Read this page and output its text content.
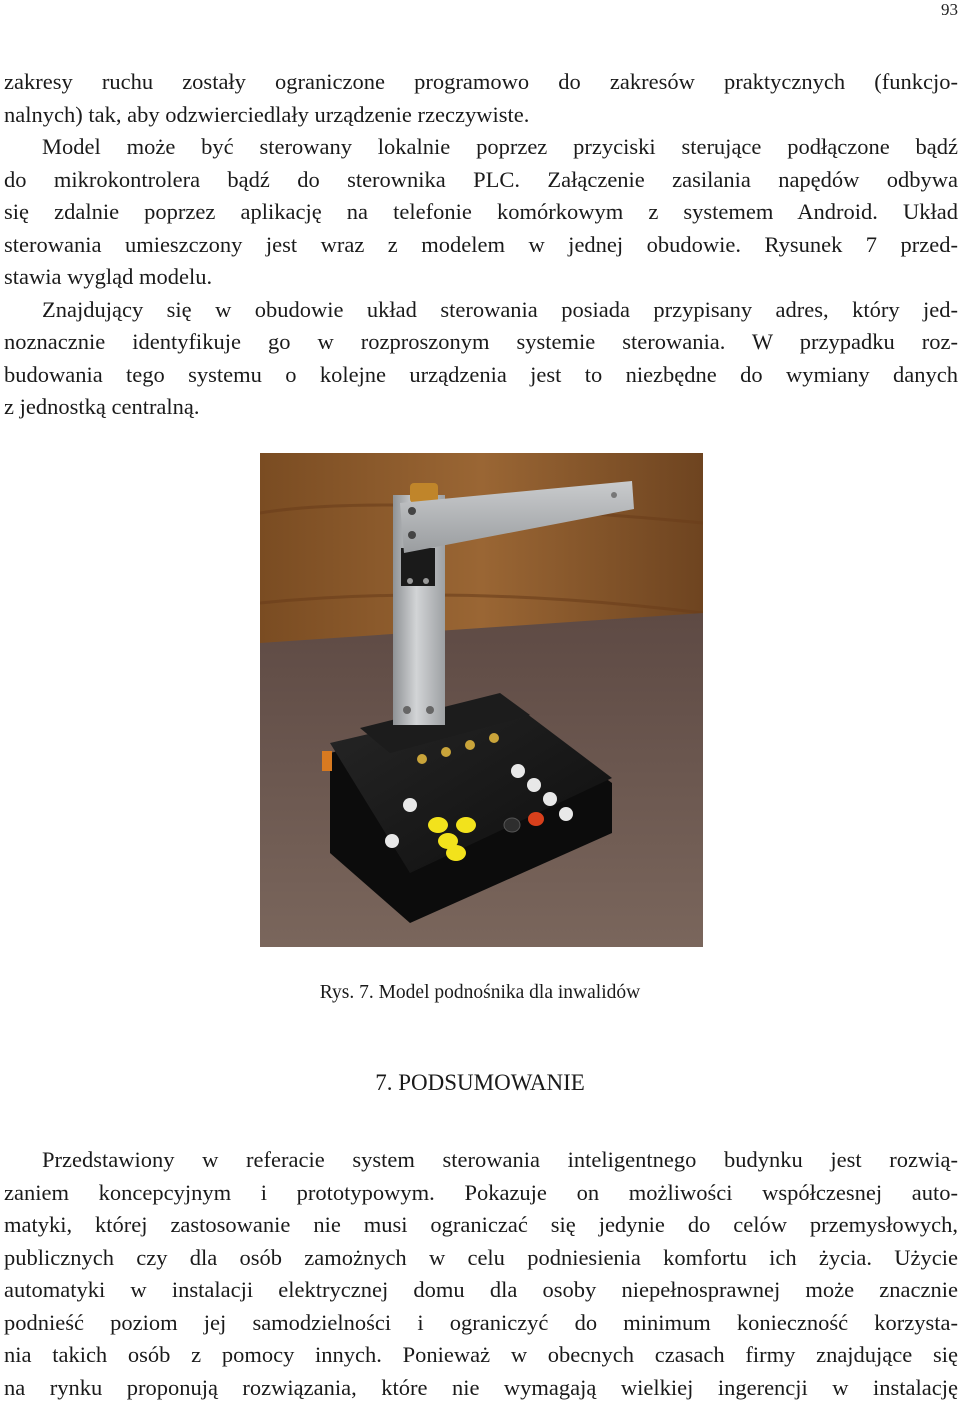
93

zakresy ruchu zostały ograniczone programowo do zakresów praktycznych (funkcjo-
nalnych) tak, aby odzwierciedlały urządzenie rzeczywiste.
Model może być sterowany lokalnie poprzez przyciski sterujące podłączone bądź
do mikrokontrolera bądź do sterownika PLC. Załączenie zasilania napędów odbywa
się zdalnie poprzez aplikację na telefonie komórkowym z systemem Android. Układ
sterowania umieszczony jest wraz z modelem w jednej obudowie. Rysunek 7 przed-
stawia wygląd modelu.
Znajdujący się w obudowie układ sterowania posiada przypisany adres, który jed-
noznacznie identyfikuje go w rozproszonym systemie sterowania. W przypadku roz-
budowania tego systemu o kolejne urządzenia jest to niezbędne do wymiany danych
z jednostką centralną.

Rys. 7. Model podnośnika dla inwalidów
7. PODSUMOWANIE

Przedstawiony w referacie system sterowania inteligentnego budynku jest rozwią-
zaniem koncepcyjnym i prototypowym. Pokazuje on możliwości współczesnej auto-
matyki, której zastosowanie nie musi ograniczać się jedynie do celów przemysłowych,
publicznych czy dla osób zamożnych w celu podniesienia komfortu ich życia. Użycie
automatyki w instalacji elektrycznej domu dla osoby niepełnosprawnej może znacznie
podnieść poziom jej samodzielności i ograniczyć do minimum konieczność korzysta-
nia takich osób z pomocy innych. Ponieważ w obecnych czasach firmy znajdujące się
na rynku proponują rozwiązania, które nie wymagają wielkiej ingerencji w instalację
